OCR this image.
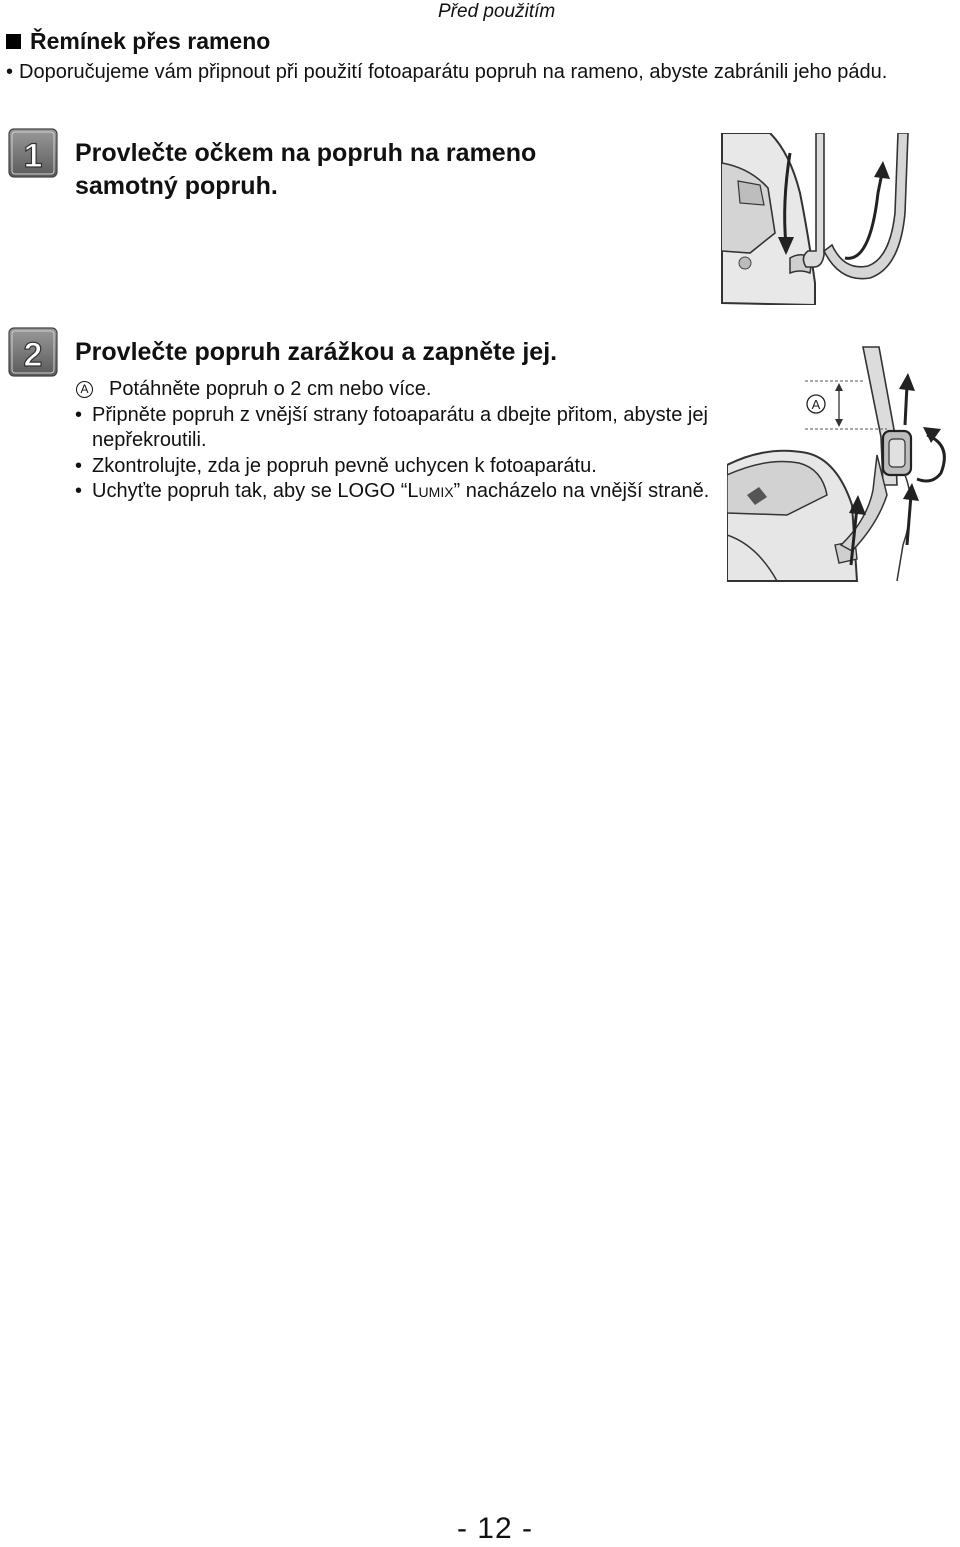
Před použitím
Řemínek přes rameno
• Doporučujeme vám připnout při použití fotoaparátu popruh na rameno, abyste zabránili jeho pádu.
1 Provlečte očkem na popruh na rameno samotný popruh.
2 Provlečte popruh zarážkou a zapněte jej.
A Potáhněte popruh o 2 cm nebo více.
• Připněte popruh z vnější strany fotoaparátu a dbejte přitom, abyste jej nepřekroutili.
• Zkontrolujte, zda je popruh pevně uchycen k fotoaparátu.
• Uchyťte popruh tak, aby se LOGO “Lumix” nacházelo na vnější straně.
A
- 12 -
